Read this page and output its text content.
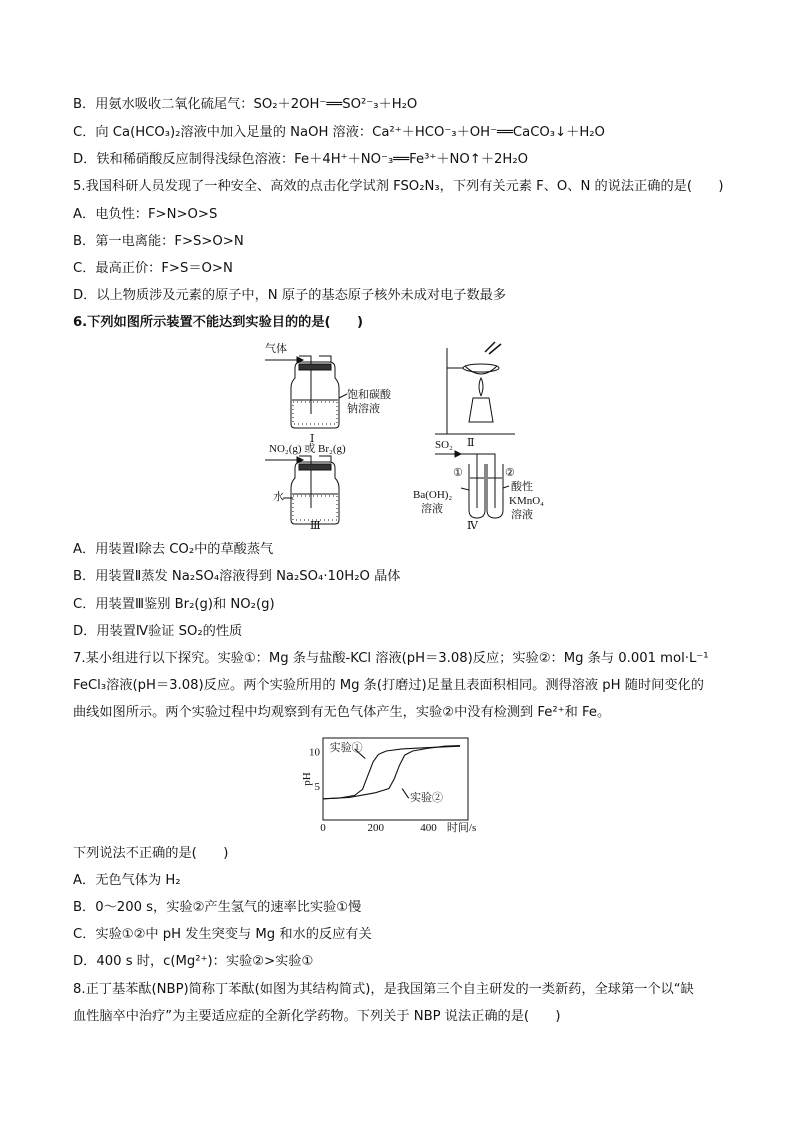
B．用氨水吸收二氧化硫尾气：SO₂＋2OH⁻══SO²⁻₃＋H₂O
C．向 Ca(HCO₃)₂溶液中加入足量的 NaOH 溶液：Ca²⁺＋HCO⁻₃＋OH⁻══CaCO₃↓＋H₂O
D．铁和稀硝酸反应制得浅绿色溶液：Fe＋4H⁺＋NO⁻₃══Fe³⁺＋NO↑＋2H₂O
5.我国科研人员发现了一种安全、高效的点击化学试剂 FSO₂N₃，下列有关元素 F、O、N 的说法正确的是(　　)
A．电负性：F>N>O>S
B．第一电离能：F>S>O>N
C．最高正价：F>S＝O>N
D．以上物质涉及元素的原子中，N 原子的基态原子核外未成对电子数最多
6.下列如图所示装置不能达到实验目的的是(　　)
气体
饱和碳酸
钠溶液
Ⅰ	Ⅱ
NO₂(g) 或 Br₂(g)
水
Ⅲ
SO₂
①	②
Ba(OH)₂
溶液
酸性
KMnO₄
溶液
Ⅳ
A．用装置Ⅰ除去 CO₂中的草酸蒸气
B．用装置Ⅱ蒸发 Na₂SO₄溶液得到 Na₂SO₄·10H₂O 晶体
C．用装置Ⅲ鉴别 Br₂(g)和 NO₂(g)
D．用装置Ⅳ验证 SO₂的性质
7.某小组进行以下探究。实验①：Mg 条与盐酸-KCl 溶液(pH＝3.08)反应；实验②：Mg 条与 0.001 mol·L⁻¹
FeCl₃溶液(pH＝3.08)反应。两个实验所用的 Mg 条(打磨过)足量且表面积相同。测得溶液 pH 随时间变化的
曲线如图所示。两个实验过程中均观察到有无色气体产生，实验②中没有检测到 Fe²⁺和 Fe。
0	200	400
5
10
时间/s
pH
实验①
实验②
下列说法不正确的是(　　)
A．无色气体为 H₂
B．0～200 s，实验②产生氢气的速率比实验①慢
C．实验①②中 pH 发生突变与 Mg 和水的反应有关
D．400 s 时，c(Mg²⁺)：实验②>实验①
8.正丁基苯酞(NBP)简称丁苯酞(如图为其结构简式)，是我国第三个自主研发的一类新药，全球第一个以“缺
血性脑卒中治疗”为主要适应症的全新化学药物。下列关于 NBP 说法正确的是(　　)
